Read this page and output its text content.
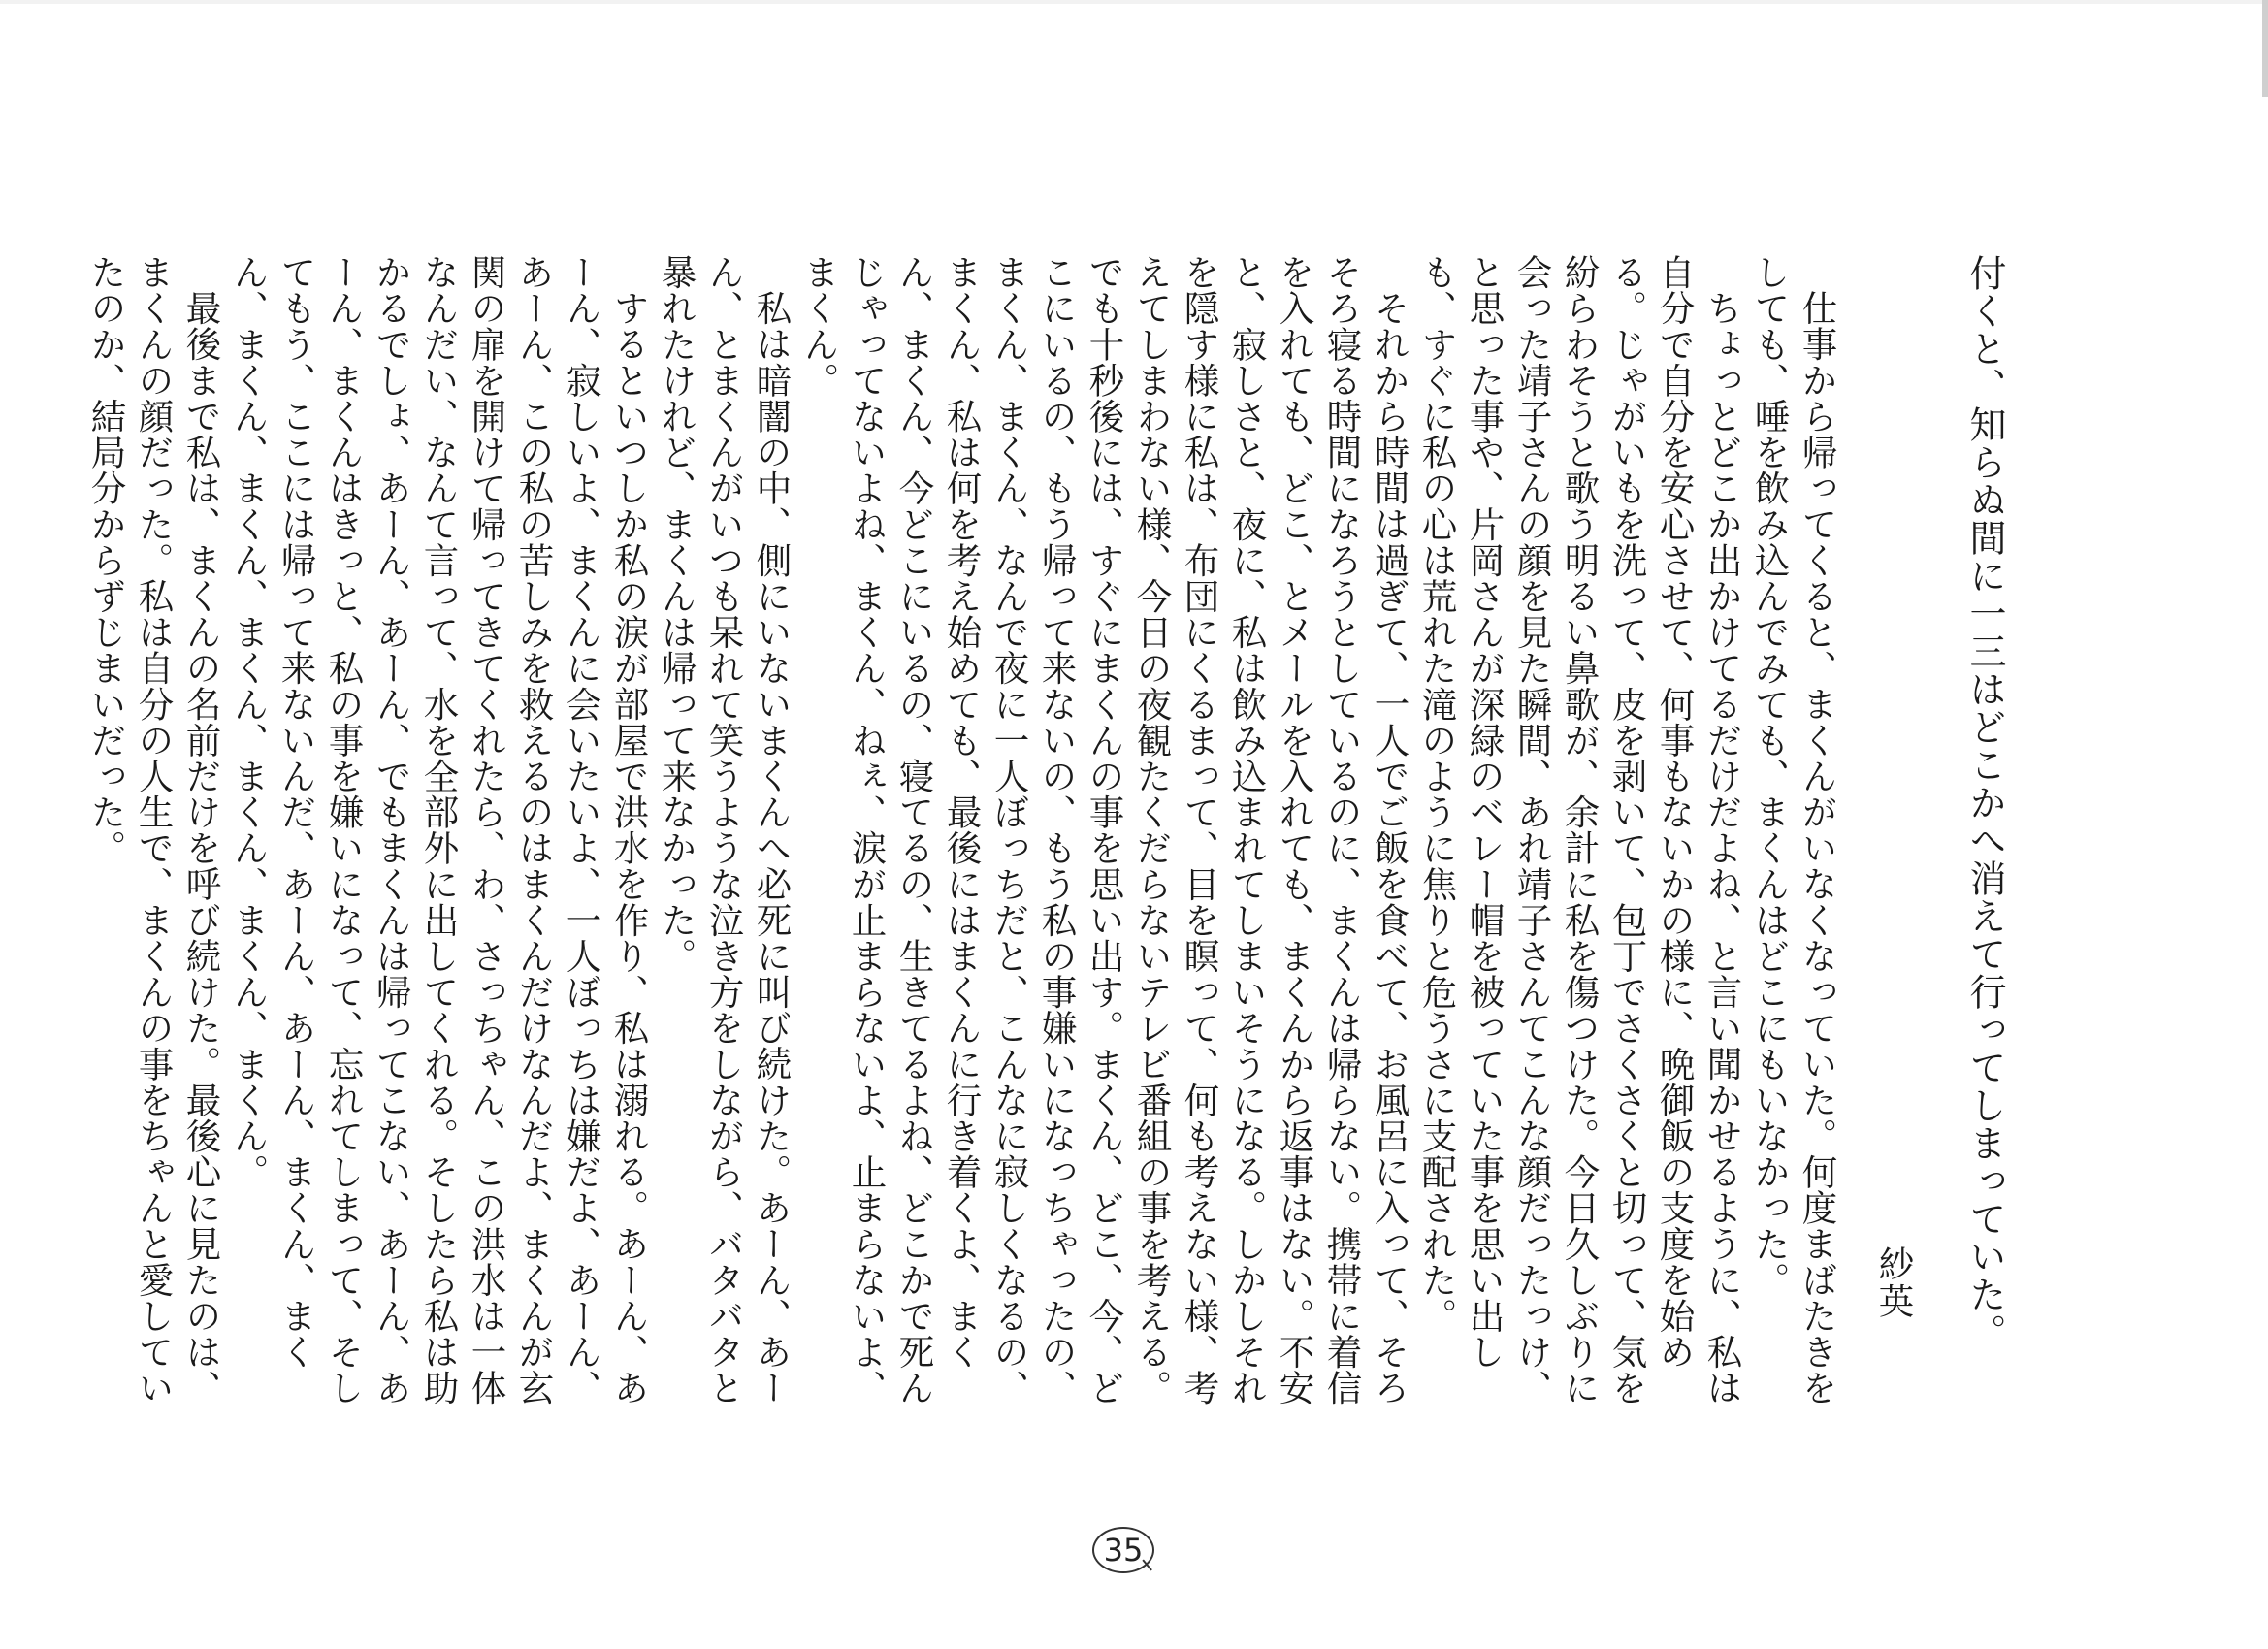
付くと、知らぬ間に一三はどこかへ消えて行ってしまっていた。

紗英

仕事から帰ってくると、まくんがいなくなっていた。何度まばたきをしても、唾を飲み込んでみても、まくんはどこにもいなかった。

ちょっとどこか出かけてるだけだよね、と言い聞かせるように、私は自分で自分を安心させて、何事もないかの様に、晩御飯の支度を始める。じゃがいもを洗って、皮を剥いて、包丁でさくさくと切って、気を紛らわそうと歌う明るい鼻歌が、余計に私を傷つけた。今日久しぶりに会った靖子さんの顔を見た瞬間、あれ靖子さんてこんな顔だったっけ、と思った事や、片岡さんが深緑のベレー帽を被っていた事を思い出しも、すぐに私の心は荒れた滝のように焦りと危うさに支配された。

それから時間は過ぎて、一人でご飯を食べて、お風呂に入って、そろそろ寝る時間になろうとしているのに、まくんは帰らない。携帯に着信を入れても、どこ、とメールを入れても、まくんから返事はない。不安と、寂しさと、夜に、私は飲み込まれてしまいそうになる。しかしそれを隠す様に私は、布団にくるまって、目を瞑って、何も考えない様、考えてしまわない様、今日の夜観たくだらないテレビ番組の事を考える。でも十秒後には、すぐにまくんの事を思い出す。まくん、どこ、今、どこにいるの、もう帰って来ないの、もう私の事嫌いになっちゃったの、まくん、まくん、なんで夜に一人ぼっちだと、こんなに寂しくなるの、まくん、私は何を考え始めても、最後にはまくんに行き着くよ、まくん、まくん、今どこにいるの、寝てるの、生きてるよね、どこかで死んじゃってないよね、まくん、ねぇ、涙が止まらないよ、止まらないよ、まくん。

私は暗闇の中、側にいないまくんへ必死に叫び続けた。あーん、あーん、とまくんがいつも呆れて笑うような泣き方をしながら、バタバタと暴れたけれど、まくんは帰って来なかった。

するといつしか私の涙が部屋で洪水を作り、私は溺れる。あーん、あーん、寂しいよ、まくんに会いたいよ、一人ぼっちは嫌だよ、あーん、あーん、この私の苦しみを救えるのはまくんだけなんだよ、まくんが玄関の扉を開けて帰ってきてくれたら、わ、さっちゃん、この洪水は一体なんだい、なんて言って、水を全部外に出してくれる。そしたら私は助かるでしょ、あーん、あーん、でもまくんは帰ってこない、あーん、あーん、まくんはきっと、私の事を嫌いになって、忘れてしまって、そしてもう、ここには帰って来ないんだ、あーん、あーん、まくん、まくん、まくん、まくん、まくん、まくん、まくん、まくん。

最後まで私は、まくんの名前だけを呼び続けた。最後心に見たのは、まくんの顔だった。私は自分の人生で、まくんの事をちゃんと愛していたのか、結局分からずじまいだった。

35
